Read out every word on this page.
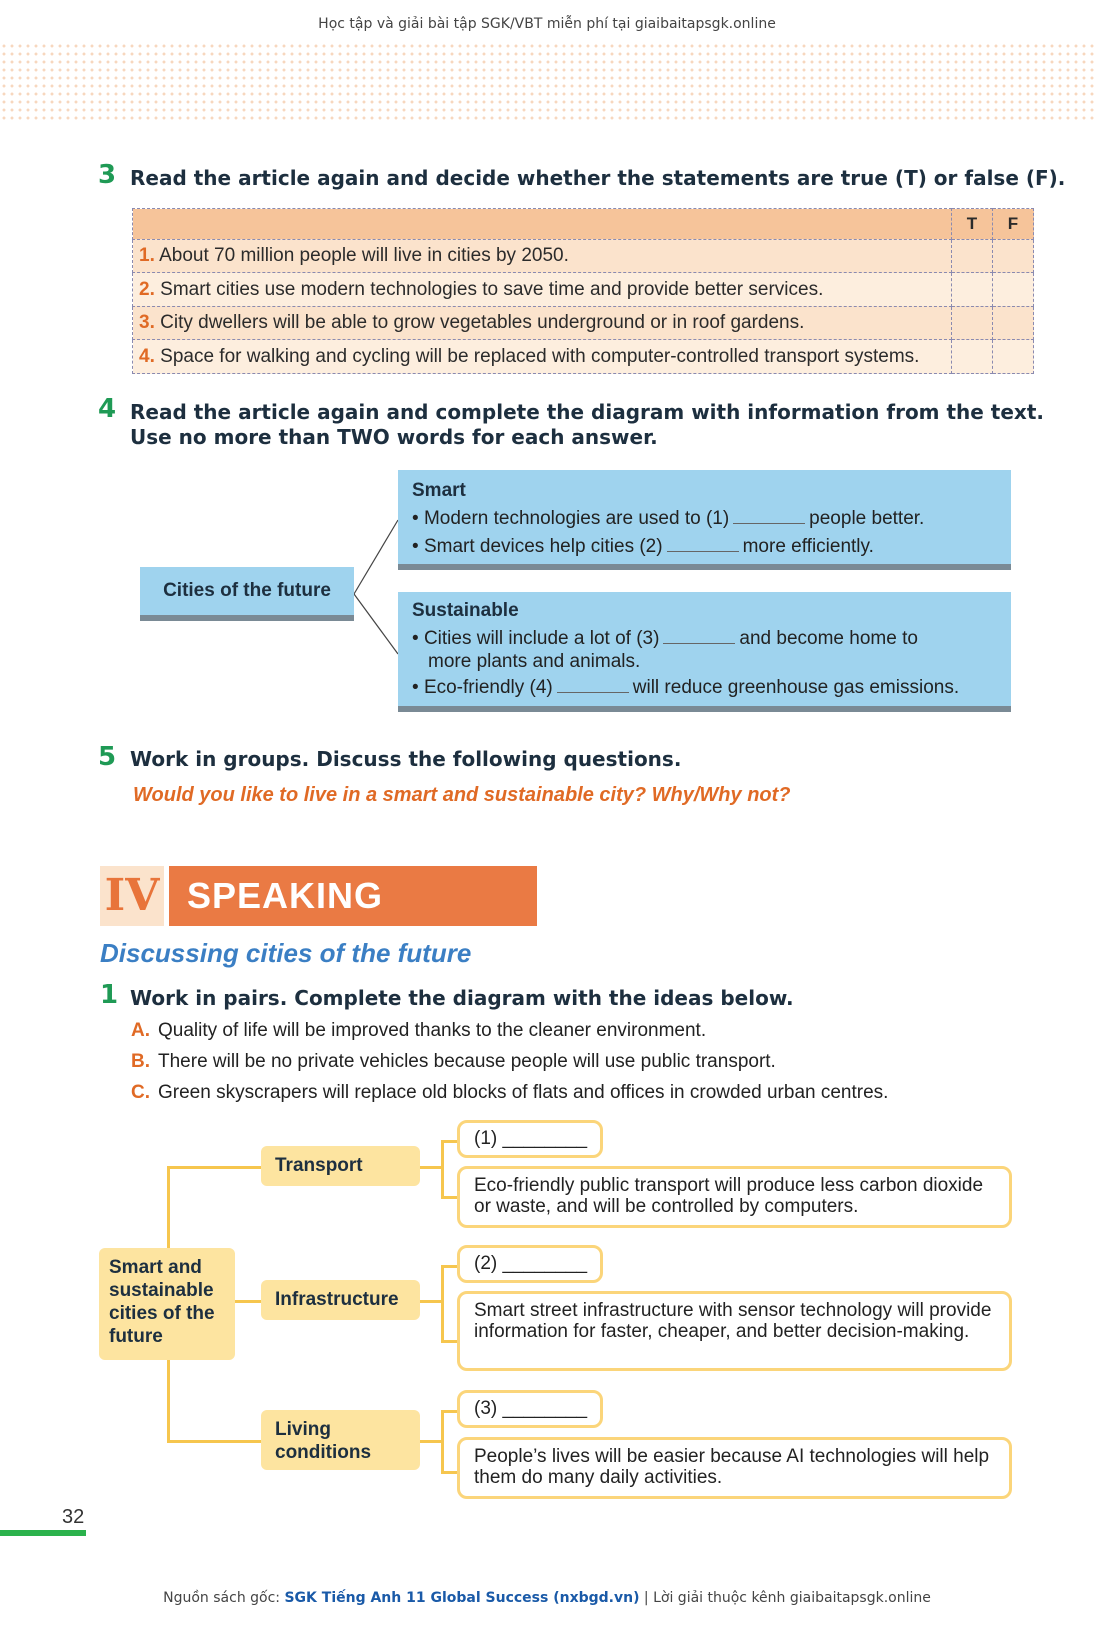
Học tập và giải bài tập SGK/VBT miễn phí tại giaibaitapsgk.online
3 Read the article again and decide whether the statements are true (T) or false (F).
	T	F
1. About 70 million people will live in cities by 2050.		
2. Smart cities use modern technologies to save time and provide better services.		
3. City dwellers will be able to grow vegetables underground or in roof gardens.		
4. Space for walking and cycling will be replaced with computer-controlled transport systems.		
4 Read the article again and complete the diagram with information from the text.
Use no more than TWO words for each answer.
Cities of the future
Smart
• Modern technologies are used to (1)	people better.
• Smart devices help cities (2)	more efficiently.
Sustainable
• Cities will include a lot of (3)	and become home to
more plants and animals.
• Eco-friendly (4)	will reduce greenhouse gas emissions.
5 Work in groups. Discuss the following questions.
Would you like to live in a smart and sustainable city? Why/Why not?
IV SPEAKING
Discussing cities of the future
1 Work in pairs. Complete the diagram with the ideas below.
A. Quality of life will be improved thanks to the cleaner environment.
B. There will be no private vehicles because people will use public transport.
C. Green skyscrapers will replace old blocks of flats and offices in crowded urban centres.
Smart and sustainable cities of the future
Transport
Infrastructure
Living conditions
(1) ________
Eco-friendly public transport will produce less carbon dioxide or waste, and will be controlled by computers.
(2) ________
Smart street infrastructure with sensor technology will provide information for faster, cheaper, and better decision-making.
(3) ________
People’s lives will be easier because AI technologies will help them do many daily activities.
32
Nguồn sách gốc: SGK Tiếng Anh 11 Global Success (nxbgd.vn) | Lời giải thuộc kênh giaibaitapsgk.online
